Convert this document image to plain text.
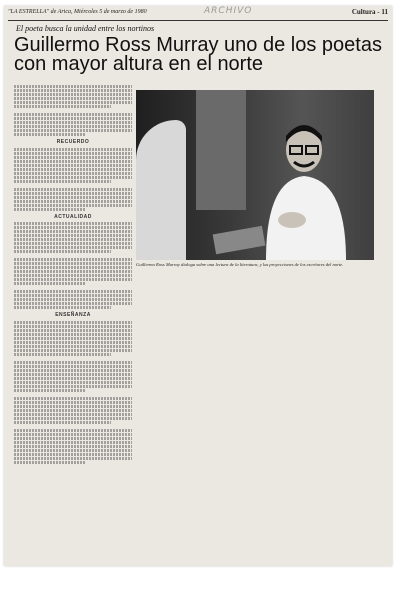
"LA ESTRELLA" de Arica, Miércoles 5 de marzo de 1980	ARCHIVO	Cultura - 11
El poeta busca la unidad entre los nortinos
Guillermo Ross Murray uno de los poetas con mayor altura en el norte
RECUERDO
ACTUALIDAD
ENSEÑANZA
Guillermo Ross Murray dialoga sobre una lectura de la literatura, y las proyecciones de los escritores del norte.
